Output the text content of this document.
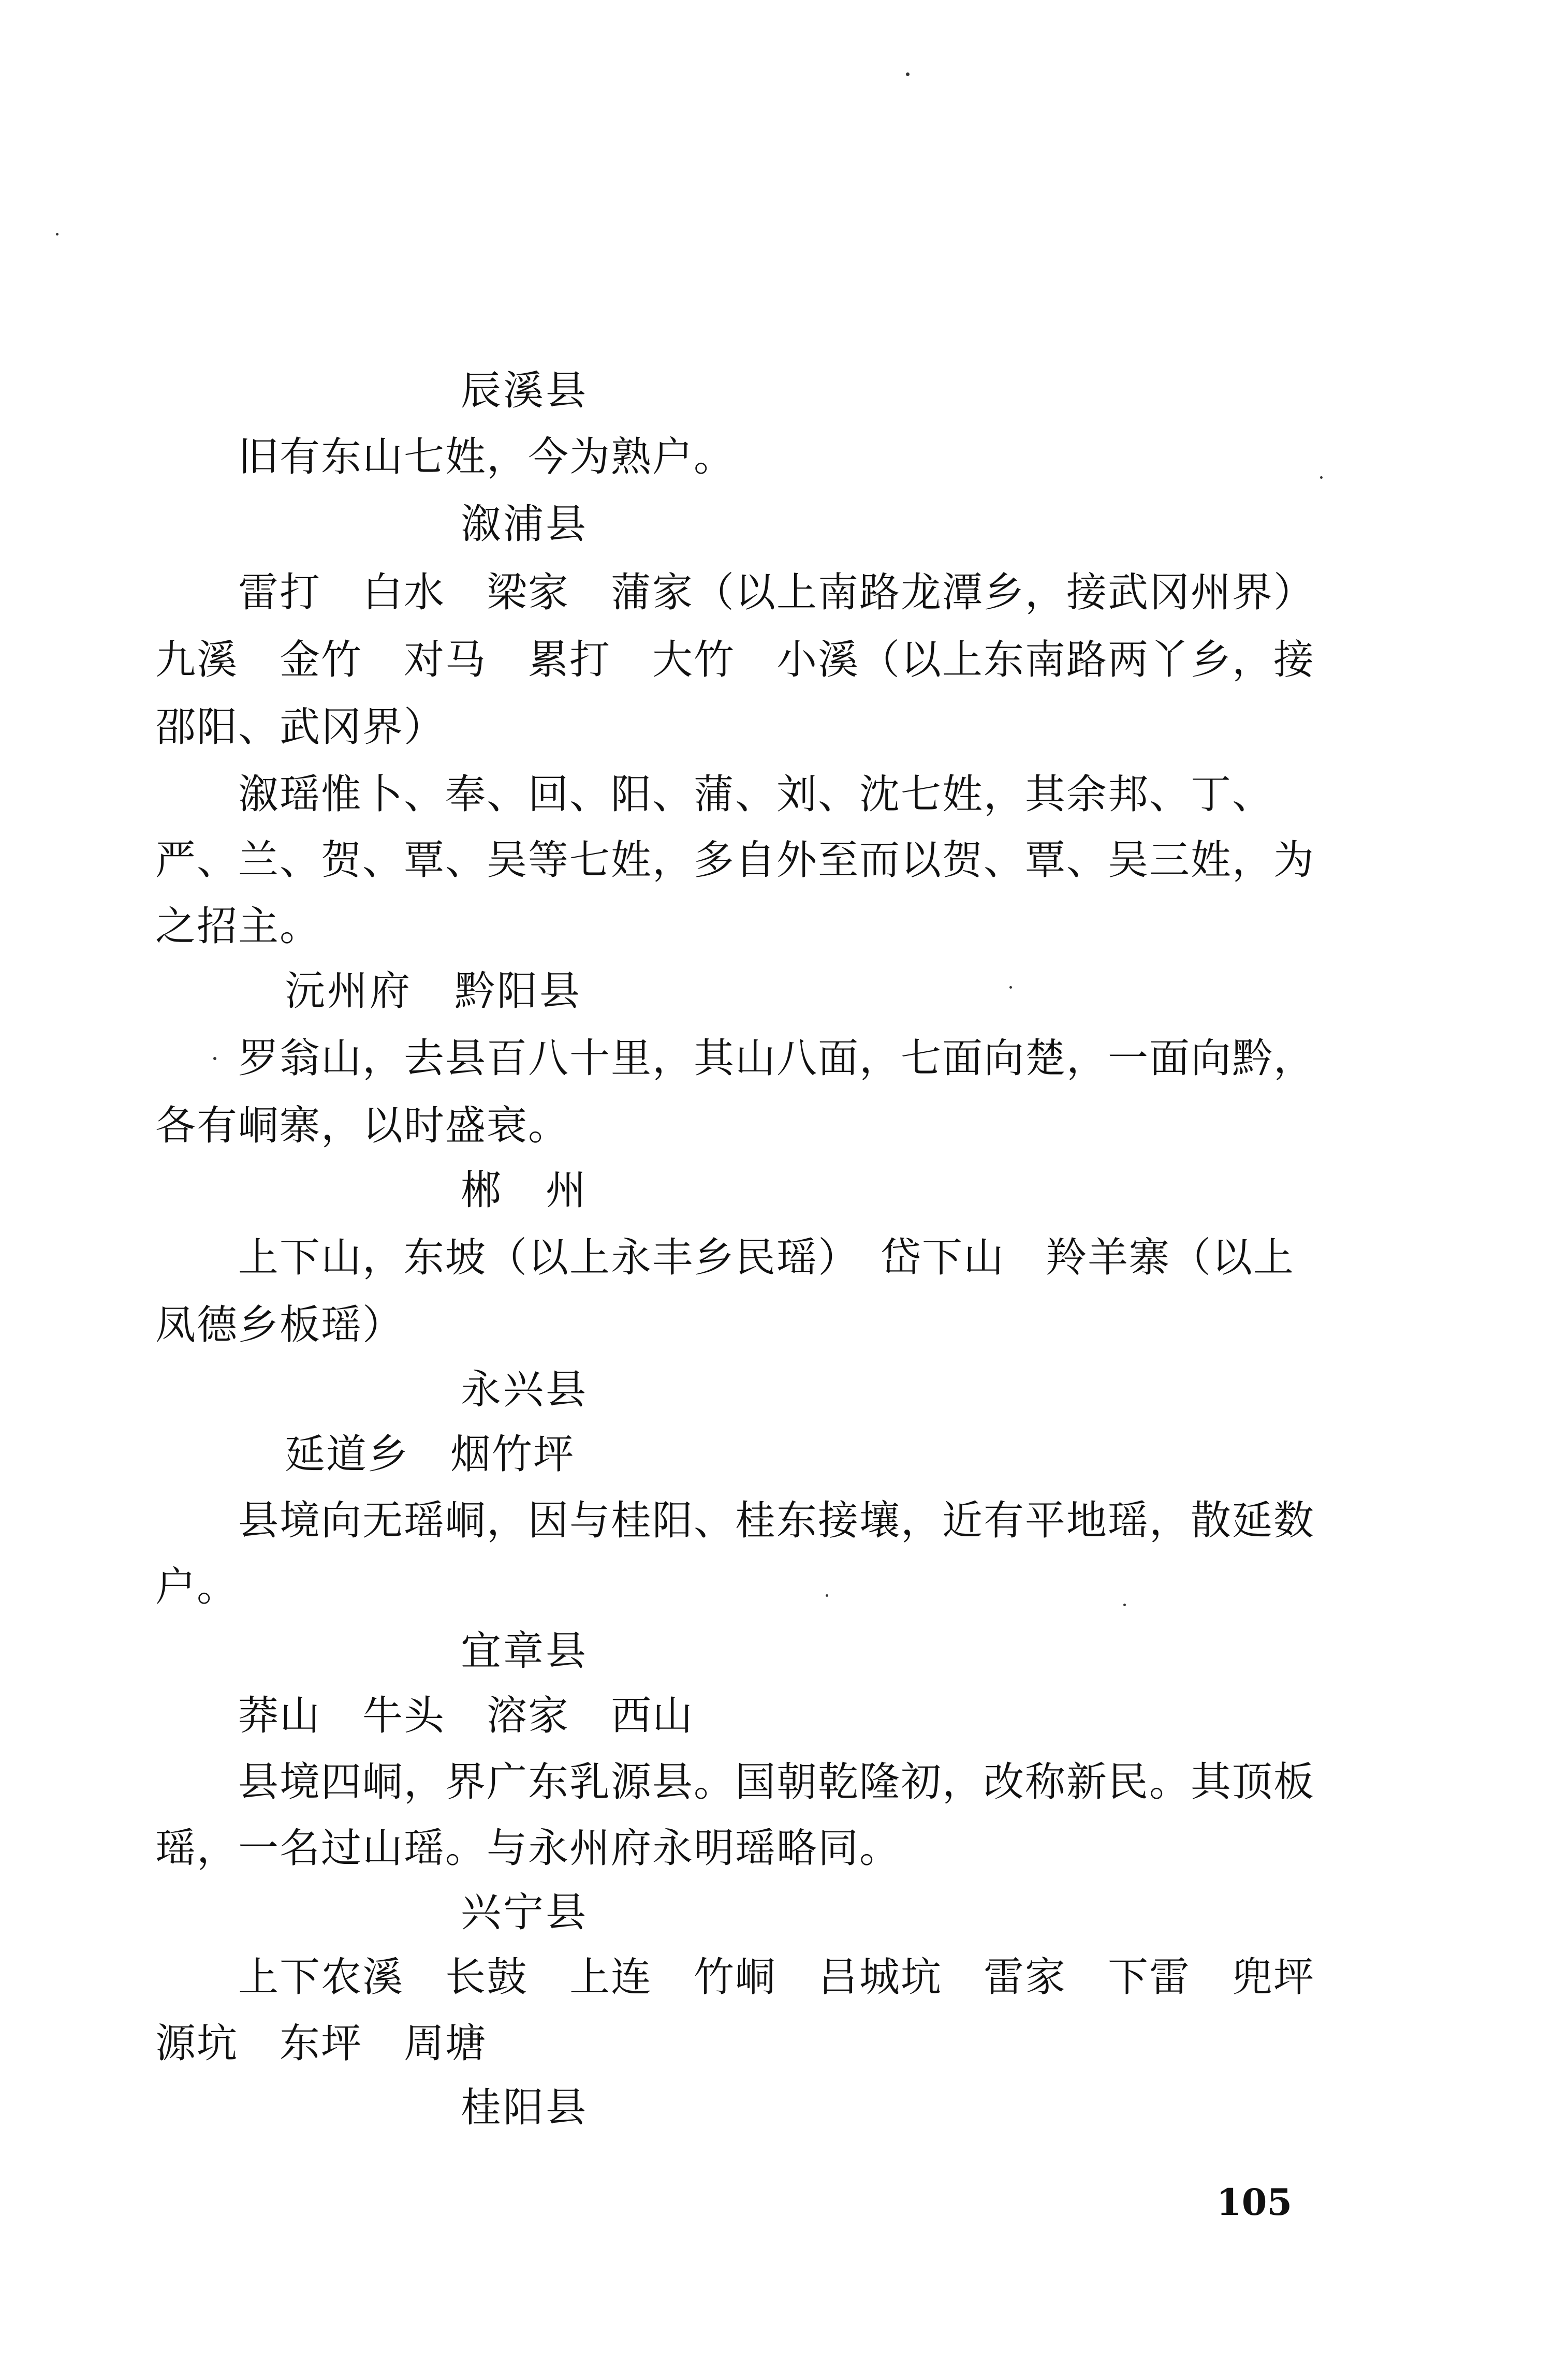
辰溪县
旧有东山七姓，今为熟户。
溆浦县
雷打　白水　梁家　蒲家（以上南路龙潭乡，接武冈州界）
九溪　金竹　对马　累打　大竹　小溪（以上东南路两丫乡，接
邵阳、武冈界）
溆瑶惟卜、奉、回、阳、蒲、刘、沈七姓，其余邦、丁、
严、兰、贺、覃、吴等七姓，多自外至而以贺、覃、吴三姓，为
之招主。
沅州府　黔阳县
罗翁山，去县百八十里，其山八面，七面向楚，一面向黔，
各有峒寨，以时盛衰。
郴　州
上下山，东坡（以上永丰乡民瑶）　岱下山　羚羊寨（以上
凤德乡板瑶）
永兴县
延道乡　烟竹坪
县境向无瑶峒，因与桂阳、桂东接壤，近有平地瑶，散延数
户。
宜章县
莽山　牛头　溶家　西山
县境四峒，界广东乳源县。国朝乾隆初，改称新民。其顶板
瑶，一名过山瑶。与永州府永明瑶略同。
兴宁县
上下农溪　长鼓　上连　竹峒　吕城坑　雷家　下雷　兜坪
源坑　东坪　周塘
桂阳县
105
